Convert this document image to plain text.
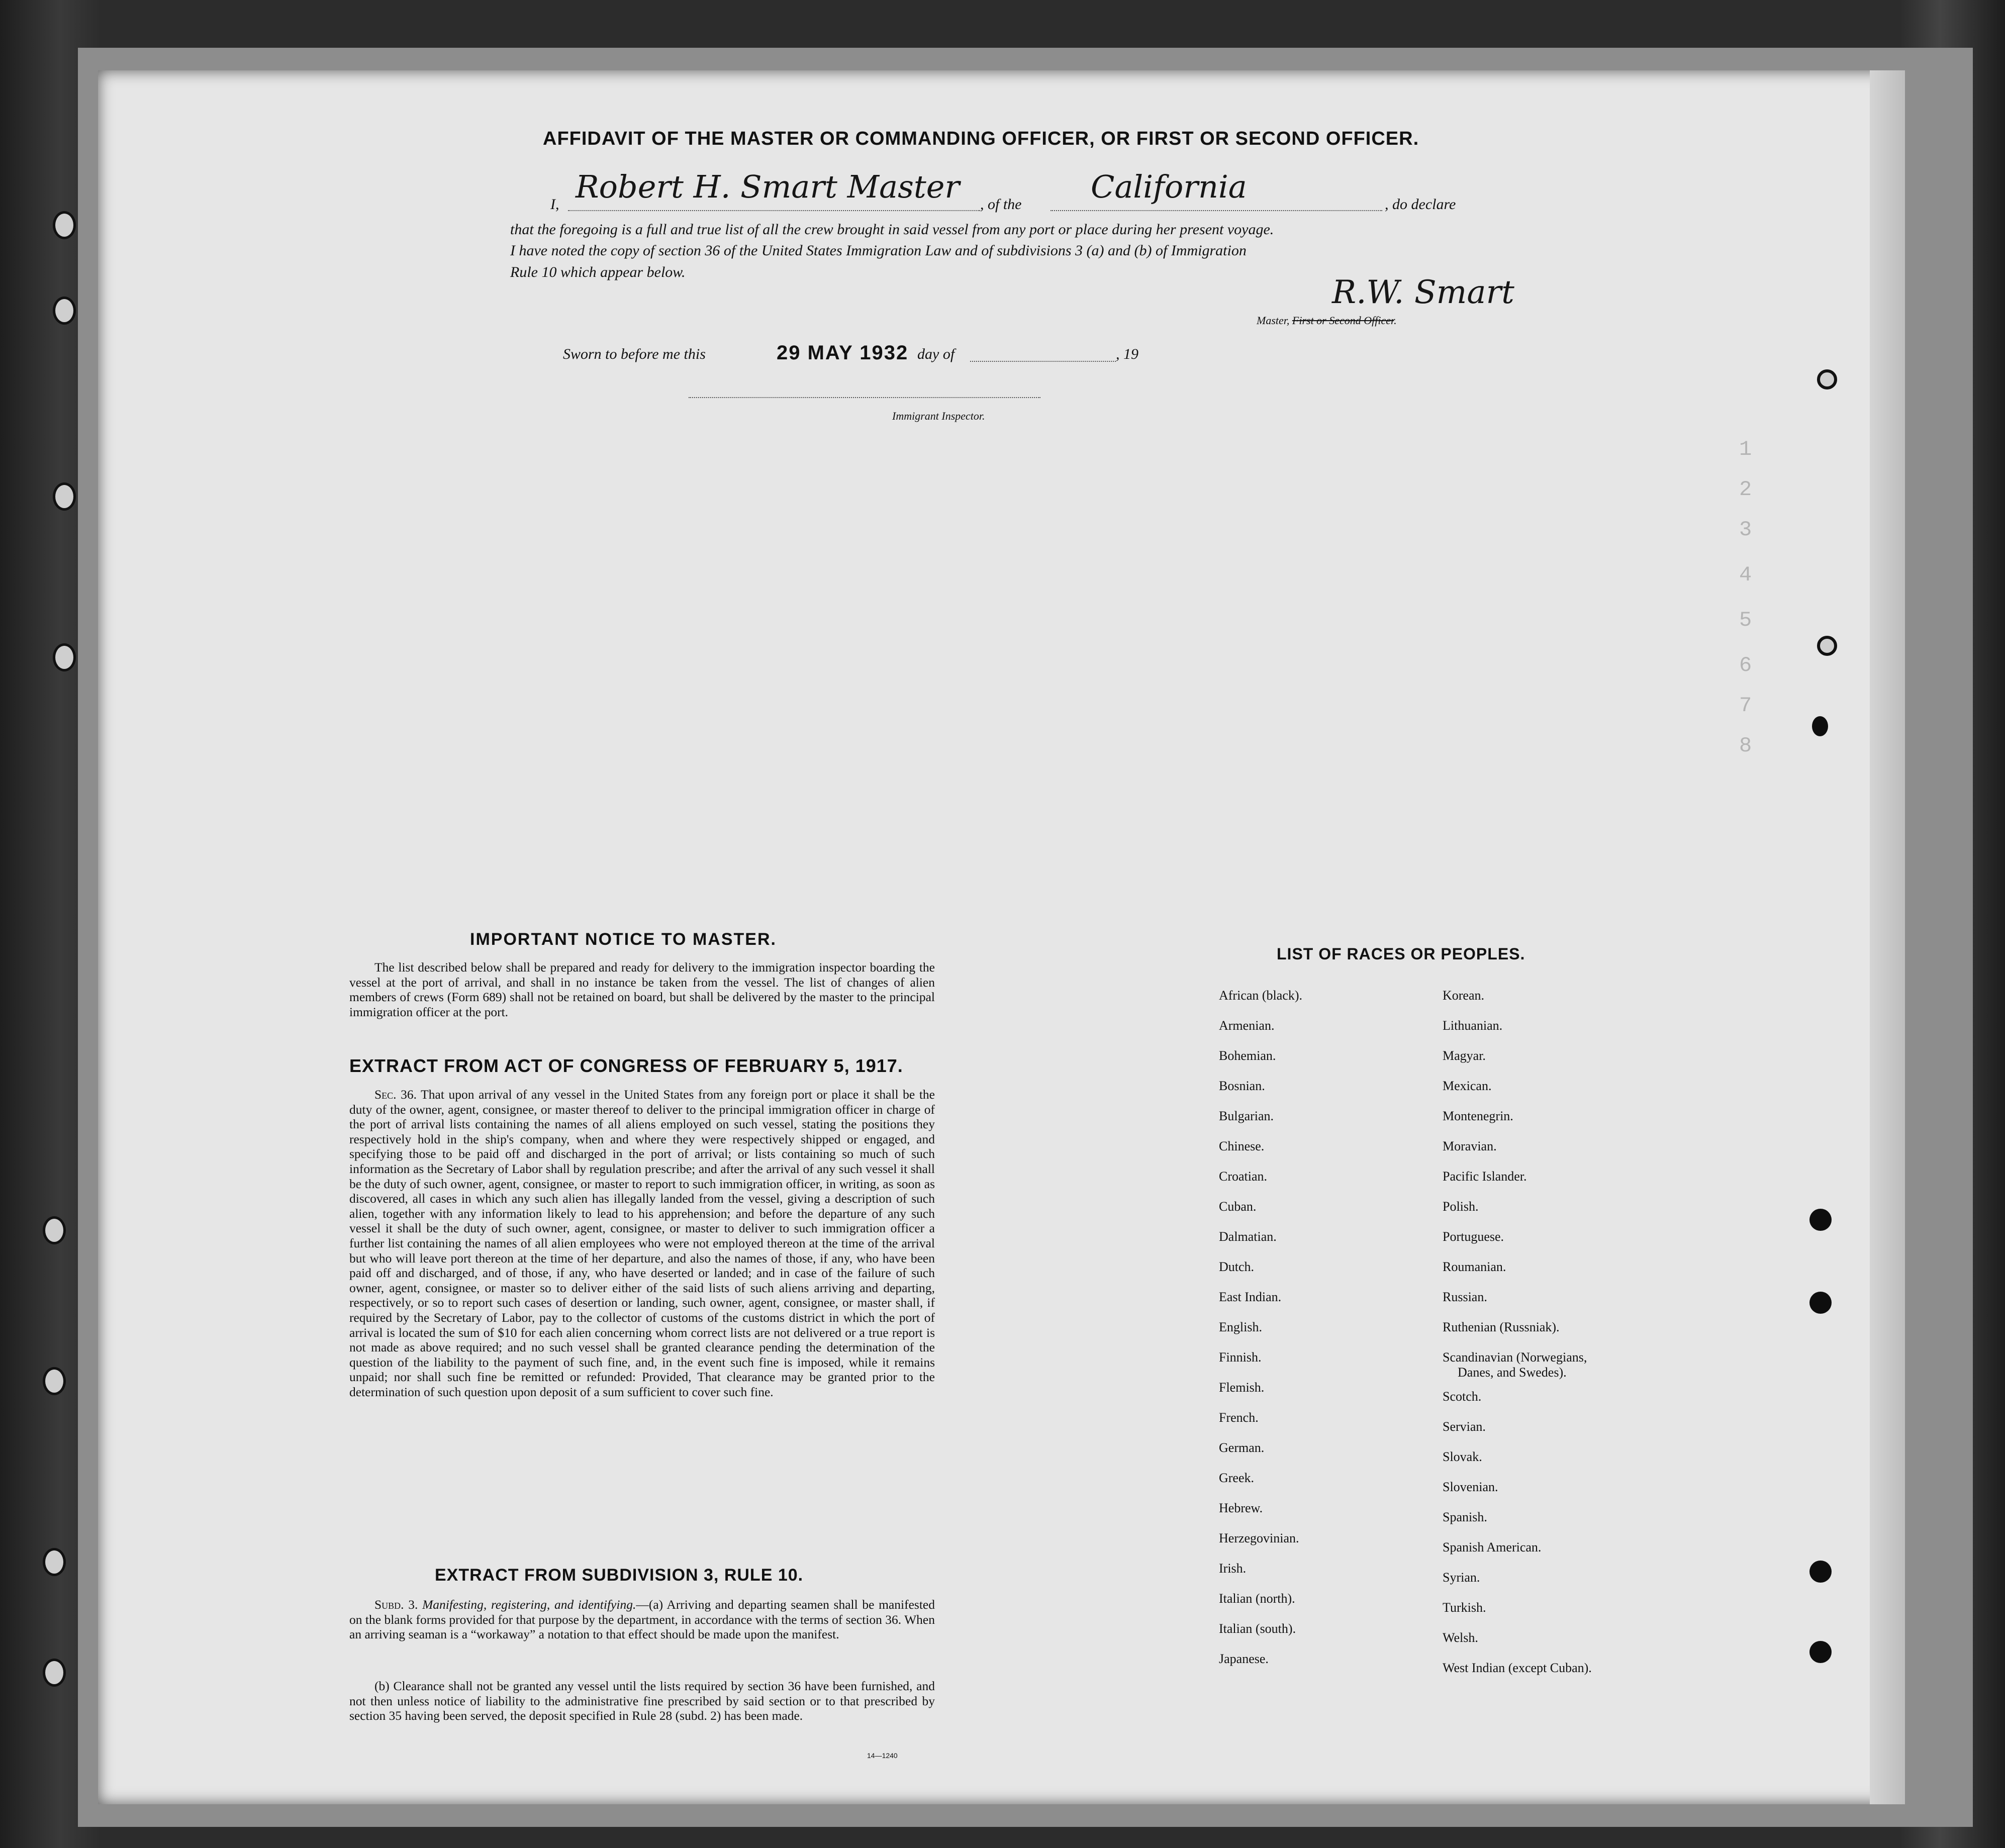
1
2
3
4
5
6
7
8
AFFIDAVIT OF THE MASTER OR COMMANDING OFFICER, OR FIRST OR SECOND OFFICER.
I, Robert H. Smart Master , of the California	, do declare
that the foregoing is a full and true list of all the crew brought in said vessel from any port or place during her present voyage.
I have noted the copy of section 36 of the United States Immigration Law and of subdivisions 3 (a) and (b) of Immigration
Rule 10 which appear below.
R.W. Smart
Master, First or Second Officer.
Sworn to before me this	29 MAY 1932 day of	, 19
Immigrant Inspector.
IMPORTANT NOTICE TO MASTER.
The list described below shall be prepared and ready for delivery to the immigration inspector boarding the vessel at the port of arrival, and shall in no instance be taken from the vessel. The list of changes of alien members of crews (Form 689) shall not be retained on board, but shall be delivered by the master to the principal immigration officer at the port.
EXTRACT FROM ACT OF CONGRESS OF FEBRUARY 5, 1917.
Sec. 36. That upon arrival of any vessel in the United States from any foreign port or place it shall be the duty of the owner, agent, consignee, or master thereof to deliver to the principal immigration officer in charge of the port of arrival lists containing the names of all aliens employed on such vessel, stating the positions they respectively hold in the ship's company, when and where they were respectively shipped or engaged, and specifying those to be paid off and discharged in the port of arrival; or lists containing so much of such information as the Secretary of Labor shall by regulation prescribe; and after the arrival of any such vessel it shall be the duty of such owner, agent, consignee, or master to report to such immigration officer, in writing, as soon as discovered, all cases in which any such alien has illegally landed from the vessel, giving a description of such alien, together with any information likely to lead to his apprehension; and before the departure of any such vessel it shall be the duty of such owner, agent, consignee, or master to deliver to such immigration officer a further list containing the names of all alien employees who were not employed thereon at the time of the arrival but who will leave port thereon at the time of her departure, and also the names of those, if any, who have been paid off and discharged, and of those, if any, who have deserted or landed; and in case of the failure of such owner, agent, consignee, or master so to deliver either of the said lists of such aliens arriving and departing, respectively, or so to report such cases of desertion or landing, such owner, agent, consignee, or master shall, if required by the Secretary of Labor, pay to the collector of customs of the customs district in which the port of arrival is located the sum of $10 for each alien concerning whom correct lists are not delivered or a true report is not made as above required; and no such vessel shall be granted clearance pending the determination of the question of the liability to the payment of such fine, and, in the event such fine is imposed, while it remains unpaid; nor shall such fine be remitted or refunded: Provided, That clearance may be granted prior to the determination of such question upon deposit of a sum sufficient to cover such fine.
EXTRACT FROM SUBDIVISION 3, RULE 10.
Subd. 3. Manifesting, registering, and identifying.—(a) Arriving and departing seamen shall be manifested on the blank forms provided for that purpose by the department, in accordance with the terms of section 36. When an arriving seaman is a “workaway” a notation to that effect should be made upon the manifest.
(b) Clearance shall not be granted any vessel until the lists required by section 36 have been furnished, and not then unless notice of liability to the administrative fine prescribed by said section or to that prescribed by section 35 having been served, the deposit specified in Rule 28 (subd. 2) has been made.
14—1240
LIST OF RACES OR PEOPLES.
African (black).
Armenian.
Bohemian.
Bosnian.
Bulgarian.
Chinese.
Croatian.
Cuban.
Dalmatian.
Dutch.
East Indian.
English.
Finnish.
Flemish.
French.
German.
Greek.
Hebrew.
Herzegovinian.
Irish.
Italian (north).
Italian (south).
Japanese.
Korean.
Lithuanian.
Magyar.
Mexican.
Montenegrin.
Moravian.
Pacific Islander.
Polish.
Portuguese.
Roumanian.
Russian.
Ruthenian (Russniak).
Scandinavian (Norwegians,
Danes, and Swedes).
Scotch.
Servian.
Slovak.
Slovenian.
Spanish.
Spanish American.
Syrian.
Turkish.
Welsh.
West Indian (except Cuban).
